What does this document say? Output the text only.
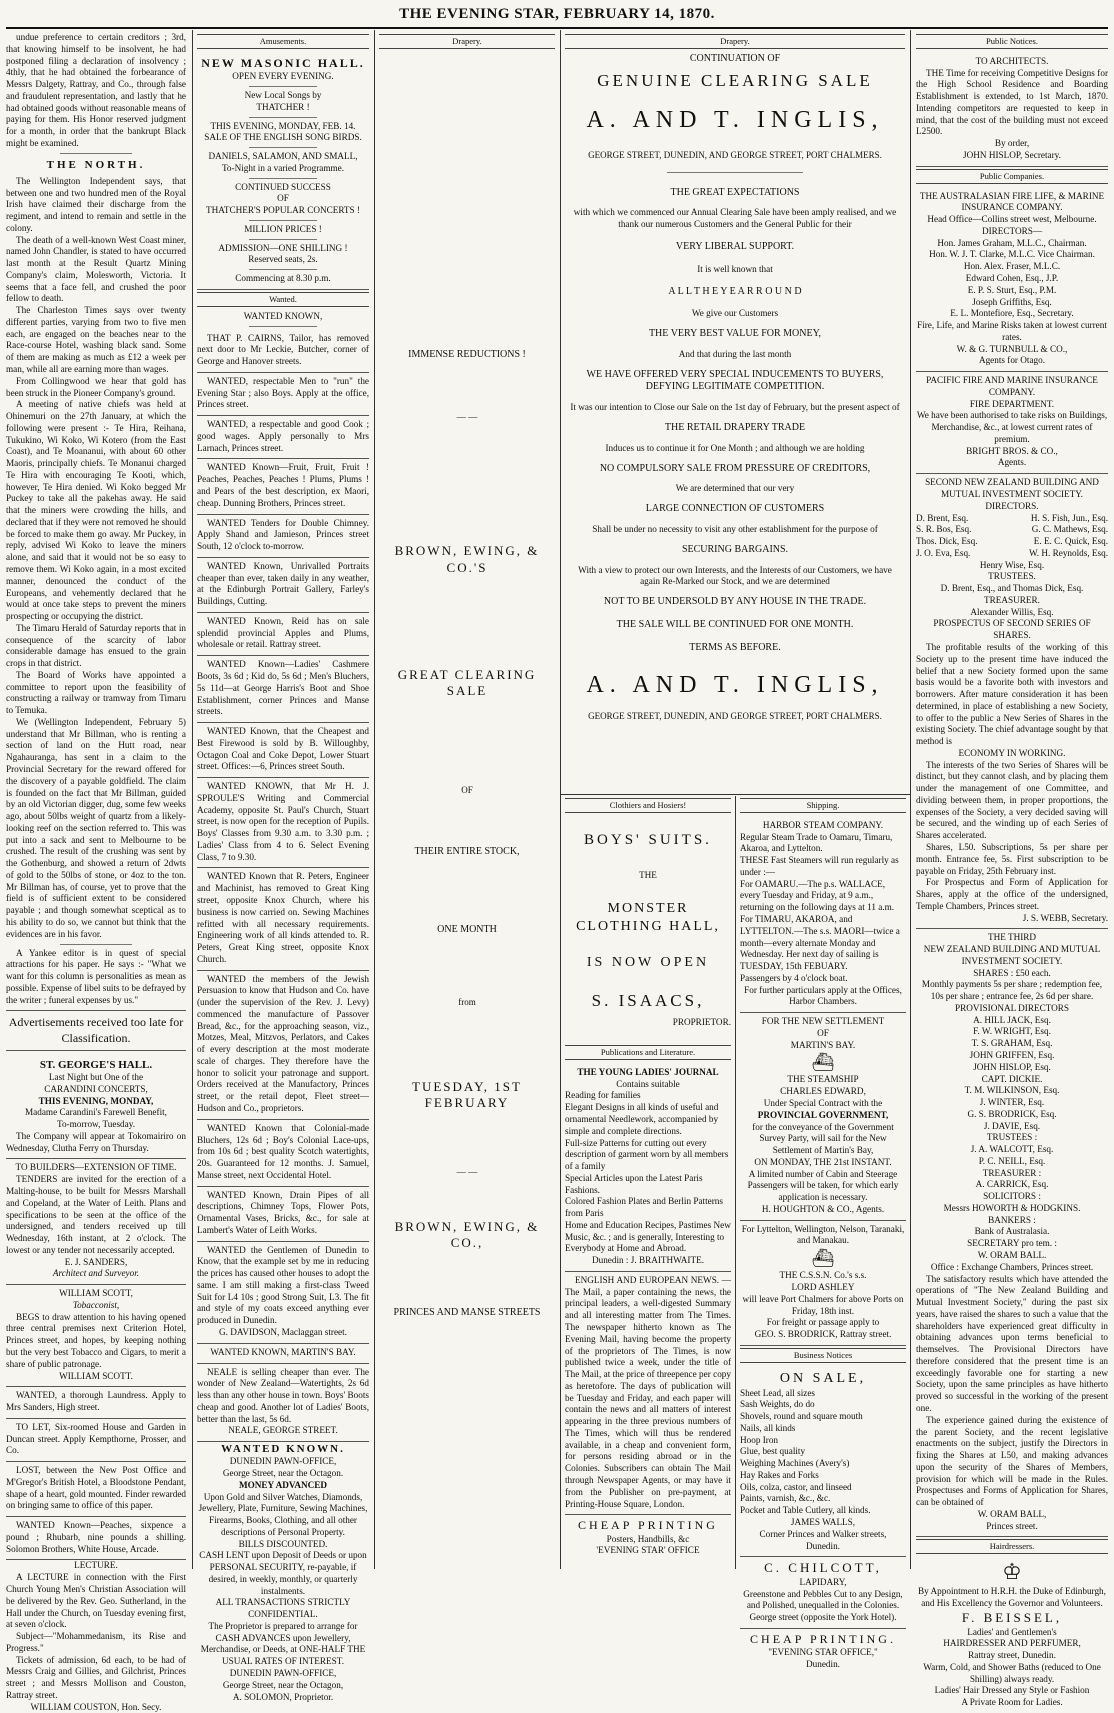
THE EVENING STAR, FEBRUARY 14, 1870.

undue preference to certain creditors ; 3rd, that knowing himself to be insolvent, he had postponed filing a declaration of insolvency ; 4thly, that he had obtained the forbearance of Messrs Dalgety, Rattray, and Co., through false and fraudulent representation, and lastly that he had obtained goods without reasonable means of paying for them. His Honor reserved judgment for a month, in order that the bankrupt Black might be examined.

THE NORTH.

The Wellington Independent says, that between one and two hundred men of the Royal Irish have claimed their discharge from the regiment, and intend to remain and settle in the colony.

The death of a well-known West Coast miner, named John Chandler, is stated to have occurred last month at the Result Quartz Mining Company's claim, Molesworth, Victoria. It seems that a face fell, and crushed the poor fellow to death.

The Charleston Times says over twenty different parties, varying from two to five men each, are engaged on the beaches near to the Race-course Hotel, washing black sand. Some of them are making as much as £12 a week per man, while all are earning more than wages.

From Collingwood we hear that gold has been struck in the Pioneer Company's ground.

A meeting of native chiefs was held at Ohinemuri on the 27th January, at which the following were present :- Te Hira, Reihana, Tukukino, Wi Koko, Wi Kotero (from the East Coast), and Te Moananui, with about 60 other Maoris, principally chiefs. Te Monanui charged Te Hira with encouraging Te Kooti, which, however, Te Hira denied. Wi Koko begged Mr Puckey to take all the pakehas away. He said that the miners were crowding the hills, and declared that if they were not removed he should be forced to make them go away. Mr Puckey, in reply, advised Wi Koko to leave the miners alone, and said that it would not be so easy to remove them. Wi Koko again, in a most excited manner, denounced the conduct of the Europeans, and vehemently declared that he would at once take steps to prevent the miners prospecting or occupying the district.

The Timaru Herald of Saturday reports that in consequence of the scarcity of labor considerable damage has ensued to the grain crops in that district.

The Board of Works have appointed a committee to report upon the feasibility of constructing a railway or tramway from Timaru to Temuka.

We (Wellington Independent, February 5) understand that Mr Billman, who is renting a section of land on the Hutt road, near Ngahauranga, has sent in a claim to the Provincial Secretary for the reward offered for the discovery of a payable goldfield. The claim is founded on the fact that Mr Billman, guided by an old Victorian digger, dug, some few weeks ago, about 50lbs weight of quartz from a likely-looking reef on the section referred to. This was put into a sack and sent to Melbourne to be crushed. The result of the crushing was sent by the Gothenburg, and showed a return of 2dwts of gold to the 50lbs of stone, or 4oz to the ton. Mr Billman has, of course, yet to prove that the field is of sufficient extent to be considered payable ; and though somewhat sceptical as to his ability to do so, we cannot but think that the evidences are in his favor.

A Yankee editor is in quest of special attractions for his paper. He says :- "What we want for this column is personalities as mean as possible. Expense of libel suits to be defrayed by the writer ; funeral expenses by us."

Advertisements received too late for Classification.
ST. GEORGE'S HALL.
Last Night but One of the
CARANDINI CONCERTS,
THIS EVENING, MONDAY,
Madame Carandini's Farewell Benefit,
To-morrow, Tuesday.

The Company will appear at Tokomairiro on Wednesday, Clutha Ferry on Thursday.

TO BUILDERS—EXTENSION OF TIME.

TENDERS are invited for the erection of a Malting-house, to be built for Messrs Marshall and Copeland, at the Water of Leith. Plans and specifications to be seen at the office of the undersigned, and tenders received up till Wednesday, 16th instant, at 2 o'clock. The lowest or any tender not necessarily accepted.

E. J. SANDERS,
Architect and Surveyor.
WILLIAM SCOTT,
Tobacconist,

BEGS to draw attention to his having opened three central premises next Criterion Hotel, Princes street, and hopes, by keeping nothing but the very best Tobacco and Cigars, to merit a share of public patronage.

WILLIAM SCOTT.

WANTED, a thorough Laundress. Apply to Mrs Sanders, High street.

TO LET, Six-roomed House and Garden in Duncan street. Apply Kempthorne, Prosser, and Co.

LOST, between the New Post Office and M'Gregor's British Hotel, a Bloodstone Pendant, shape of a heart, gold mounted. Finder rewarded on bringing same to office of this paper.

WANTED Known—Peaches, sixpence a pound ; Rhubarb, nine pounds a shilling. Solomon Brothers, White House, Arcade.

LECTURE.

A LECTURE in connection with the First Church Young Men's Christian Association will be delivered by the Rev. Geo. Sutherland, in the Hall under the Church, on Tuesday evening first, at seven o'clock.

Subject—"Mohammedanism, its Rise and Progress."

Tickets of admission, 6d each, to be had of Messrs Craig and Gillies, and Gilchrist, Princes street ; and Messrs Mollison and Couston, Rattray street.

WILLIAM COUSTON, Hon. Secy.
Amusements.
NEW MASONIC HALL.
OPEN EVERY EVENING.
New Local Songs by
THATCHER !
THIS EVENING, MONDAY, FEB. 14.
SALE OF THE ENGLISH SONG BIRDS.
DANIELS, SALAMON, AND SMALL,
To-Night in a varied Programme.
CONTINUED SUCCESS
OF
THATCHER'S POPULAR CONCERTS !
MILLION PRICES !
ADMISSION—ONE SHILLING !
Reserved seats, 2s.
Commencing at 8.30 p.m.
Wanted.
WANTED KNOWN,

THAT P. CAIRNS, Tailor, has removed next door to Mr Leckie, Butcher, corner of George and Hanover streets.

WANTED, respectable Men to "run" the Evening Star ; also Boys. Apply at the office, Princes street.

WANTED, a respectable and good Cook ; good wages. Apply personally to Mrs Larnach, Princes street.

WANTED Known—Fruit, Fruit, Fruit ! Peaches, Peaches, Peaches ! Plums, Plums ! and Pears of the best description, ex Maori, cheap. Dunning Brothers, Princes street.

WANTED Tenders for Double Chimney. Apply Shand and Jamieson, Princes street South, 12 o'clock to-morrow.

WANTED Known, Unrivalled Portraits cheaper than ever, taken daily in any weather, at the Edinburgh Portrait Gallery, Farley's Buildings, Cutting.

WANTED Known, Reid has on sale splendid provincial Apples and Plums, wholesale or retail. Rattray street.

WANTED Known—Ladies' Cashmere Boots, 3s 6d ; Kid do, 5s 6d ; Men's Bluchers, 5s 11d—at George Harris's Boot and Shoe Establishment, corner Princes and Manse streets.

WANTED Known, that the Cheapest and Best Firewood is sold by B. Willoughby, Octagon Coal and Coke Depot, Lower Stuart street. Offices:—6, Princes street South.

WANTED KNOWN, that Mr H. J. SPROULE'S Writing and Commercial Academy, opposite St. Paul's Church, Stuart street, is now open for the reception of Pupils. Boys' Classes from 9.30 a.m. to 3.30 p.m. ; Ladies' Class from 4 to 6. Select Evening Class, 7 to 9.30.

WANTED Known that R. Peters, Engineer and Machinist, has removed to Great King street, opposite Knox Church, where his business is now carried on. Sewing Machines refitted with all necessary requirements. Engineering work of all kinds attended to. R. Peters, Great King street, opposite Knox Church.

WANTED the members of the Jewish Persuasion to know that Hudson and Co. have (under the supervision of the Rev. J. Levy) commenced the manufacture of Passover Bread, &c., for the approaching season, viz., Motzes, Meal, Mitzvos, Perlators, and Cakes of every description at the most moderate scale of charges. They therefore have the honor to solicit your patronage and support. Orders received at the Manufactory, Princes street, or the retail depot, Fleet street—Hudson and Co., proprietors.

WANTED Known that Colonial-made Bluchers, 12s 6d ; Boy's Colonial Lace-ups, from 10s 6d ; best quality Scotch watertights, 20s. Guaranteed for 12 months. J. Samuel, Manse street, next Occidental Hotel.

WANTED Known, Drain Pipes of all descriptions, Chimney Tops, Flower Pots, Ornamental Vases, Bricks, &c., for sale at Lambert's Water of Leith Works.

WANTED the Gentlemen of Dunedin to Know, that the example set by me in reducing the prices has caused other houses to adopt the same. I am still making a first-class Tweed Suit for L4 10s ; good Strong Suit, L3. The fit and style of my coats exceed anything ever produced in Dunedin.

G. DAVIDSON, Maclaggan street.
WANTED KNOWN, MARTIN'S BAY.

NEALE is selling cheaper than ever. The wonder of New Zealand—Watertights, 2s 6d less than any other house in town. Boys' Boots cheap and good. Another lot of Ladies' Boots, better than the last, 5s 6d.

NEALE, GEORGE STREET.
WANTED KNOWN.
DUNEDIN PAWN-OFFICE,
George Street, near the Octagon.
MONEY ADVANCED
Upon Gold and Silver Watches, Diamonds, Jewellery, Plate, Furniture, Sewing Machines, Firearms, Books, Clothing, and all other descriptions of Personal Property.
BILLS DISCOUNTED.
CASH LENT upon Deposit of Deeds or upon PERSONAL SECURITY, re-payable, if desired, in weekly, monthly, or quarterly instalments.
ALL TRANSACTIONS STRICTLY CONFIDENTIAL.
The Proprietor is prepared to arrange for CASH ADVANCES upon Jewellery, Merchandise, or Deeds, at ONE-HALF THE USUAL RATES OF INTEREST.
DUNEDIN PAWN-OFFICE,
George Street, near the Octagon,
A. SOLOMON, Proprietor.
Drapery.
IMMENSE REDUCTIONS !
— —
BROWN, EWING, & CO.'S
GREAT CLEARING SALE
OF
THEIR ENTIRE STOCK,
ONE MONTH
from
TUESDAY, 1ST FEBRUARY
— —
BROWN, EWING, & CO.,
PRINCES AND MANSE STREETS
Drapery.
CONTINUATION OF
GENUINE CLEARING SALE
A. AND T. INGLIS,
GEORGE STREET, DUNEDIN, AND GEORGE STREET, PORT CHALMERS.
THE GREAT EXPECTATIONS
with which we commenced our Annual Clearing Sale have been amply realised, and we thank our numerous Customers and the General Public for their
VERY LIBERAL SUPPORT.
It is well known that
A L L T H E Y E A R R O U N D
We give our Customers
THE VERY BEST VALUE FOR MONEY,
And that during the last month
WE HAVE OFFERED VERY SPECIAL INDUCEMENTS TO BUYERS, DEFYING LEGITIMATE COMPETITION.
It was our intention to Close our Sale on the 1st day of February, but the present aspect of
THE RETAIL DRAPERY TRADE
Induces us to continue it for One Month ; and although we are holding
NO COMPULSORY SALE FROM PRESSURE OF CREDITORS,
We are determined that our very
LARGE CONNECTION OF CUSTOMERS
Shall be under no necessity to visit any other establishment for the purpose of
SECURING BARGAINS.
With a view to protect our own Interests, and the Interests of our Customers, we have again Re-Marked our Stock, and we are determined
NOT TO BE UNDERSOLD BY ANY HOUSE IN THE TRADE.
THE SALE WILL BE CONTINUED FOR ONE MONTH.
TERMS AS BEFORE.
A. AND T. INGLIS,
GEORGE STREET, DUNEDIN, AND GEORGE STREET, PORT CHALMERS.
Clothiers and Hosiers!
BOYS' SUITS.
THE
MONSTER CLOTHING HALL,
IS NOW OPEN
S. ISAACS,
PROPRIETOR.
Publications and Literature.
THE YOUNG LADIES' JOURNAL
Contains suitable
Reading for families
Elegant Designs in all kinds of useful and ornamental Needlework, accompanied by simple and complete directions.
Full-size Patterns for cutting out every description of garment worn by all members of a family
Special Articles upon the Latest Paris Fashions.
Colored Fashion Plates and Berlin Patterns from Paris
Home and Education Recipes, Pastimes New Music, &c. ; and is generally, Interesting to Everybody at Home and Abroad.
Dunedin : J. BRAITHWAITE.

ENGLISH AND EUROPEAN NEWS. —The Mail, a paper containing the news, the principal leaders, a well-digested Summary and all interesting matter from The Times. The newspaper hitherto known as The Evening Mail, having become the property of the proprietors of The Times, is now published twice a week, under the title of The Mail, at the price of threepence per copy as heretofore. The days of publication will be Tuesday and Friday, and each paper will contain the news and all matters of interest appearing in the three previous numbers of The Times, which will thus be rendered available, in a cheap and convenient form, for persons residing abroad or in the Colonies. Subscribers can obtain The Mail through Newspaper Agents, or may have it from the Publisher on pre-payment, at Printing-House Square, London.

CHEAP PRINTING
Posters, Handbills, &c
'EVENING STAR' OFFICE
Shipping.
HARBOR STEAM COMPANY.
Regular Steam Trade to Oamaru, Timaru, Akaroa, and Lyttelton.
THESE Fast Steamers will run regularly as under :—
For OAMARU.—The p.s. WALLACE, every Tuesday and Friday, at 9 a.m., returning on the following days at 11 a.m.
For TIMARU, AKAROA, and LYTTELTON.—The s.s. MAORI—twice a month—every alternate Monday and Wednesday. Her next day of sailing is TUESDAY, 15th FEBUARY.
Passengers by 4 o'clock boat.
For further particulars apply at the Offices, Harbor Chambers.
FOR THE NEW SETTLEMENT
OF
MARTIN'S BAY.
⛴
THE STEAMSHIP
CHARLES EDWARD,
Under Special Contract with the
PROVINCIAL GOVERNMENT,
for the conveyance of the Government Survey Party, will sail for the New Settlement of Martin's Bay,
ON MONDAY, THE 21st INSTANT.
A limited number of Cabin and Steerage Passengers will be taken, for which early application is necessary.
H. HOUGHTON & CO., Agents.
For Lyttelton, Wellington, Nelson, Taranaki, and Manakau.
⛴
THE C.S.S.N. Co.'s s.s.
LORD ASHLEY
will leave Port Chalmers for above Ports on Friday, 18th inst.
For freight or passage apply to
GEO. S. BRODRICK, Rattray street.
Business Notices
ON SALE,
Sheet Lead, all sizes
Sash Weights, do do
Shovels, round and square mouth
Nails, all kinds
Hoop Iron
Glue, best quality
Weighing Machines (Avery's)
Hay Rakes and Forks
Oils, colza, castor, and linseed
Paints, varnish, &c., &c.
Pocket and Table Cutlery, all kinds.
JAMES WALLS,
Corner Princes and Walker streets,
Dunedin.
C. CHILCOTT,
LAPIDARY,
Greenstone and Pebbles Cut to any Design, and Polished, unequalled in the Colonies.
George street (opposite the York Hotel).
CHEAP PRINTING.
"EVENING STAR OFFICE,"
Dunedin.
Public Notices.
TO ARCHITECTS.

THE Time for receiving Competitive Designs for the High School Residence and Boarding Establishment is extended, to 1st March, 1870. Intending competitors are requested to keep in mind, that the cost of the building must not exceed L2500.

By order,
JOHN HISLOP, Secretary.
Public Companies.
THE AUSTRALASIAN FIRE LIFE, & MARINE INSURANCE COMPANY.
Head Office—Collins street west, Melbourne.
DIRECTORS—
Hon. James Graham, M.L.C., Chairman.
Hon. W. J. T. Clarke, M.L.C. Vice Chairman.
Hon. Alex. Fraser, M.L.C.
Edward Cohen, Esq., J.P.
E. P. S. Sturt, Esq., P.M.
Joseph Griffiths, Esq.
E. L. Montefiore, Esq., Secretary.
Fire, Life, and Marine Risks taken at lowest current rates.
W. & G. TURNBULL & CO.,
Agents for Otago.
PACIFIC FIRE AND MARINE INSURANCE COMPANY.
FIRE DEPARTMENT.
We have been authorised to take risks on Buildings, Merchandise, &c., at lowest current rates of premium.
BRIGHT BROS. & CO.,
Agents.
SECOND NEW ZEALAND BUILDING AND MUTUAL INVESTMENT SOCIETY.
DIRECTORS.
D. Brent, Esq.	H. S. Fish, Jun., Esq.
S. R. Bos, Esq.	G. C. Mathews, Esq.
Thos. Dick, Esq.	E. E. C. Quick, Esq.
J. O. Eva, Esq.	W. H. Reynolds, Esq.
Henry Wise, Esq.
TRUSTEES.
D. Brent, Esq., and Thomas Dick, Esq.
TREASURER.
Alexander Willis, Esq.
PROSPECTUS OF SECOND SERIES OF SHARES.

The profitable results of the working of this Society up to the present time have induced the belief that a new Society formed upon the same basis would be a favorite both with investors and borrowers. After mature consideration it has been determined, in place of establishing a new Society, to offer to the public a New Series of Shares in the existing Society. The chief advantage sought by that method is

ECONOMY IN WORKING.

The interests of the two Series of Shares will be distinct, but they cannot clash, and by placing them under the management of one Committee, and dividing between them, in proper proportions, the expenses of the Society, a very decided saving will be secured, and the winding up of each Series of Shares accelerated.

Shares, L50. Subscriptions, 5s per share per month. Entrance fee, 5s. First subscription to be payable on Friday, 25th February inst.

For Prospectus and Form of Application for Shares, apply at the office of the undersigned, Temple Chambers, Princes street.

J. S. WEBB, Secretary.
THE THIRD
NEW ZEALAND BUILDING AND MUTUAL INVESTMENT SOCIETY.
SHARES : £50 each.
Monthly payments 5s per share ; redemption fee, 10s per share ; entrance fee, 2s 6d per share.
PROVISIONAL DIRECTORS
A. HILL JACK, Esq.
F. W. WRIGHT, Esq.
T. S. GRAHAM, Esq.
JOHN GRIFFEN, Esq.
JOHN HISLOP, Esq.
CAPT. DICKIE.
T. M. WILKINSON, Esq.
J. WINTER, Esq.
G. S. BRODRICK, Esq.
J. DAVIE, Esq.
TRUSTEES :
J. A. WALCOTT, Esq.
P. C. NEILL, Esq.
TREASURER :
A. CARRICK, Esq.
SOLICITORS :
Messrs HOWORTH & HODGKINS.
BANKERS :
Bank of Australasia.
SECRETARY pro tem. :
W. ORAM BALL.
Office : Exchange Chambers, Princes street.

The satisfactory results which have attended the operations of "The New Zealand Building and Mutual Investment Society," during the past six years, have raised the shares to such a value that the shareholders have experienced great difficulty in obtaining advances upon terms beneficial to themselves. The Provisional Directors have therefore considered that the present time is an exceedingly favorable one for starting a new Society, upon the same principles as have hitherto proved so successful in the working of the present one.

The experience gained during the existence of the parent Society, and the recent legislative enactments on the subject, justify the Directors in fixing the Shares at L50, and making advances upon the security of the Shares of Members, provision for which will be made in the Rules. Prospectuses and Forms of Application for Shares, can be obtained of

W. ORAM BALL,
Princes street.
Hairdressers.
♔
By Appointment to H.R.H. the Duke of Edinburgh, and His Excellency the Governor and Volunteers.
F. BEISSEL,
Ladies' and Gentlemen's
HAIRDRESSER AND PERFUMER,
Rattray street, Dunedin.
Warm, Cold, and Shower Baths (reduced to One Shilling) always ready.
Ladies' Hair Dressed any Style or Fashion
A Private Room for Ladies.
